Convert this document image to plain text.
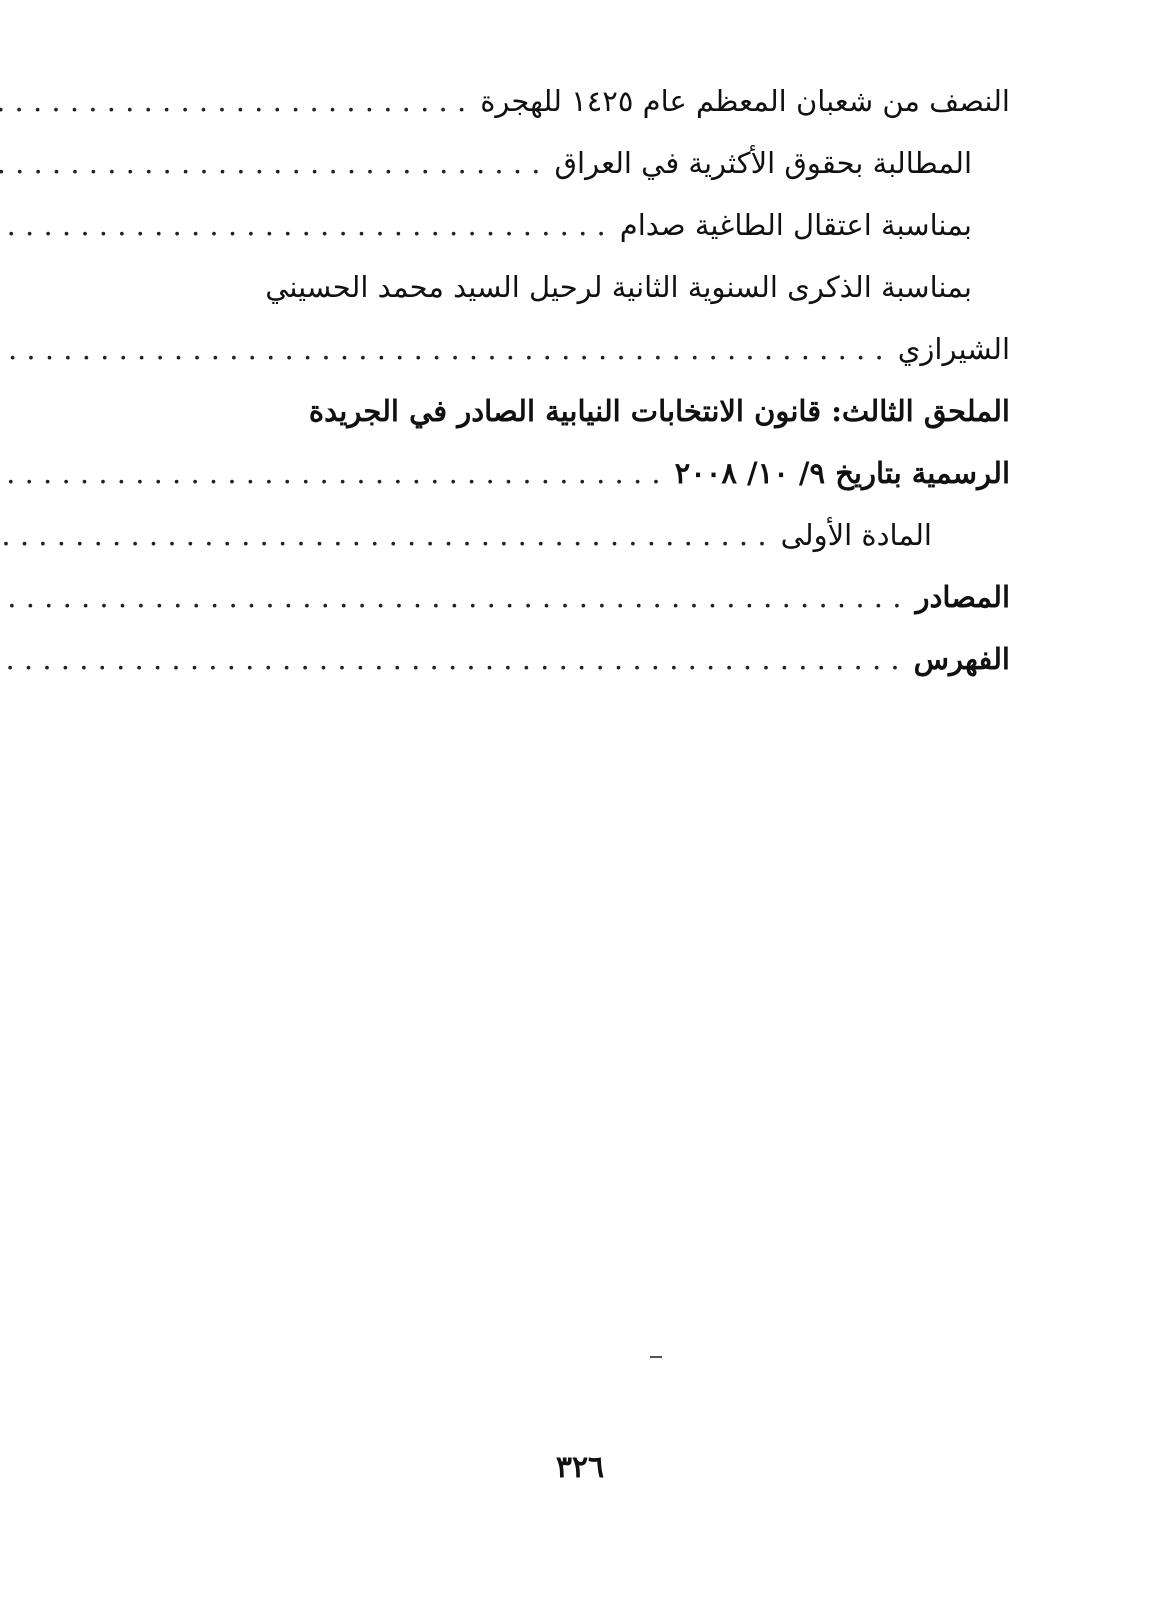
النصف من شعبان المعظم عام ١٤٢٥ للهجرة
. . .
المطالبة بحقوق الأكثرية في العراق
. . .
بمناسبة اعتقال الطاغية صدام
. . .
بمناسبة الذكرى السنوية الثانية لرحيل السيد محمد الحسيني
الشيرازي
. . .
الملحق الثالث: قانون الانتخابات النيابية الصادر في الجريدة
الرسمية بتاريخ ٩/ ١٠/ ٢٠٠٨
. . .
المادة الأولى
. . .
المصادر
. . .
الفهرس
. . .
٣٢٦
